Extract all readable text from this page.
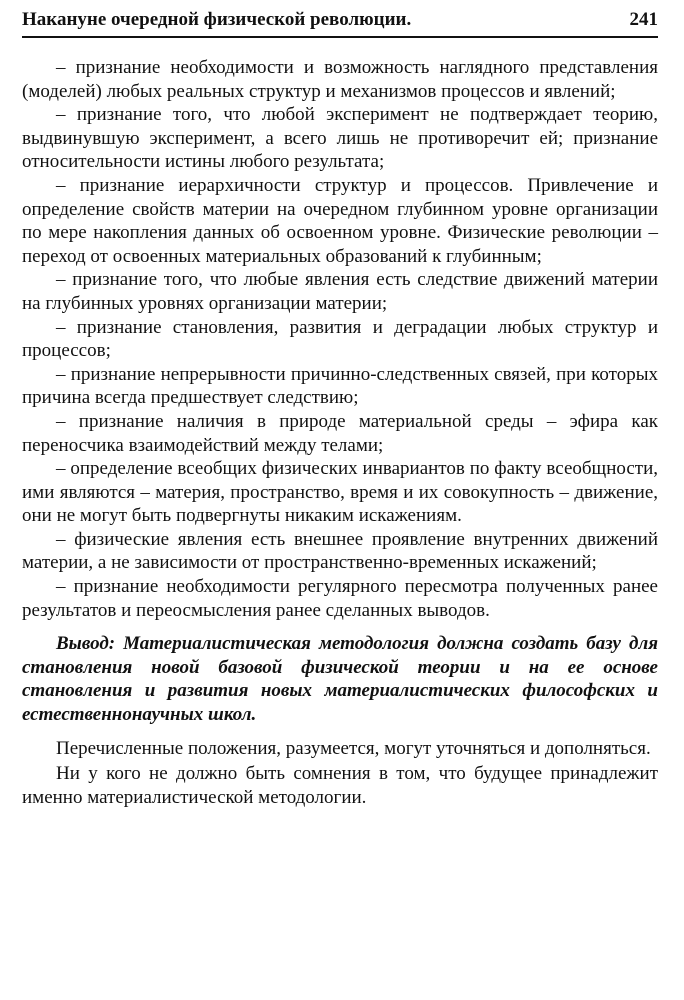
Накануне очередной физической революции.	241

– признание необходимости и возможность наглядного представления (моделей) любых реальных структур и механизмов процессов и явлений;

– признание того, что любой эксперимент не подтверждает теорию, выдвинувшую эксперимент, а всего лишь не противоречит ей; признание относительности истины любого результата;

– признание иерархичности структур и процессов. Привлечение и определение свойств материи на очередном глубинном уровне организации по мере накопления данных об освоенном уровне. Физические революции – переход от освоенных материальных образований к глубинным;

– признание того, что любые явления есть следствие движений материи на глубинных уровнях организации материи;

– признание становления, развития и деградации любых структур и процессов;

– признание непрерывности причинно-следственных связей, при которых причина всегда предшествует следствию;

– признание наличия в природе материальной среды – эфира как переносчика взаимодействий между телами;

– определение всеобщих физических инвариантов по факту всеобщности, ими являются – материя, пространство, время и их совокупность – движение, они не могут быть подвергнуты никаким искажениям.

– физические явления есть внешнее проявление внутренних движений материи, а не зависимости от пространственно-временных искажений;

– признание необходимости регулярного пересмотра полученных ранее результатов и переосмысления ранее сделанных выводов.

Вывод: Материалистическая методология должна создать базу для становления новой базовой физической теории и на ее основе становления и развития новых материалистических философских и естественнонаучных школ.

Перечисленные положения, разумеется, могут уточняться и дополняться.

Ни у кого не должно быть сомнения в том, что будущее принадлежит именно материалистической методологии.
